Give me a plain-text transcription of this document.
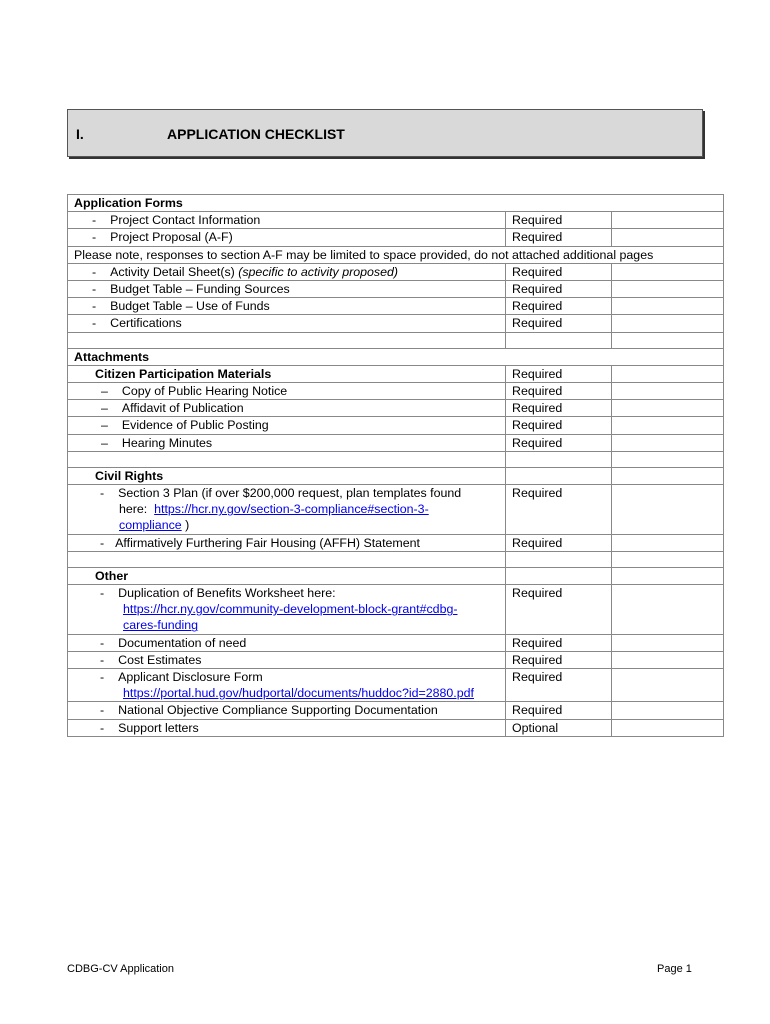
I.	APPLICATION CHECKLIST
Application Forms		
- Project Contact Information	Required	
- Project Proposal (A-F)	Required	
Please note, responses to section A-F may be limited to space provided, do not attached additional pages		
- Activity Detail Sheet(s) (specific to activity proposed)	Required	
- Budget Table – Funding Sources	Required	
- Budget Table – Use of Funds	Required	
- Certifications	Required	

Attachments		
Citizen Participation Materials	Required	
– Copy of Public Hearing Notice	Required	
– Affidavit of Publication	Required	
– Evidence of Public Posting	Required	
– Hearing Minutes	Required	

Civil Rights		

- Section 3 Plan (if over $200,000 request, plan templates found
here: https://hcr.ny.gov/section-3-compliance#section-3-
compliance )	Required	
- Affirmatively Furthering Fair Housing (AFFH) Statement	Required	

Other		

- Duplication of Benefits Worksheet here:
https://hcr.ny.gov/community-development-block-grant#cdbg-
cares-funding	Required	
- Documentation of need	Required	
- Cost Estimates	Required	

- Applicant Disclosure Form
https://portal.hud.gov/hudportal/documents/huddoc?id=2880.pdf	Required	
- National Objective Compliance Supporting Documentation	Required	
- Support letters	Optional	
CDBG-CV Application	Page 1
